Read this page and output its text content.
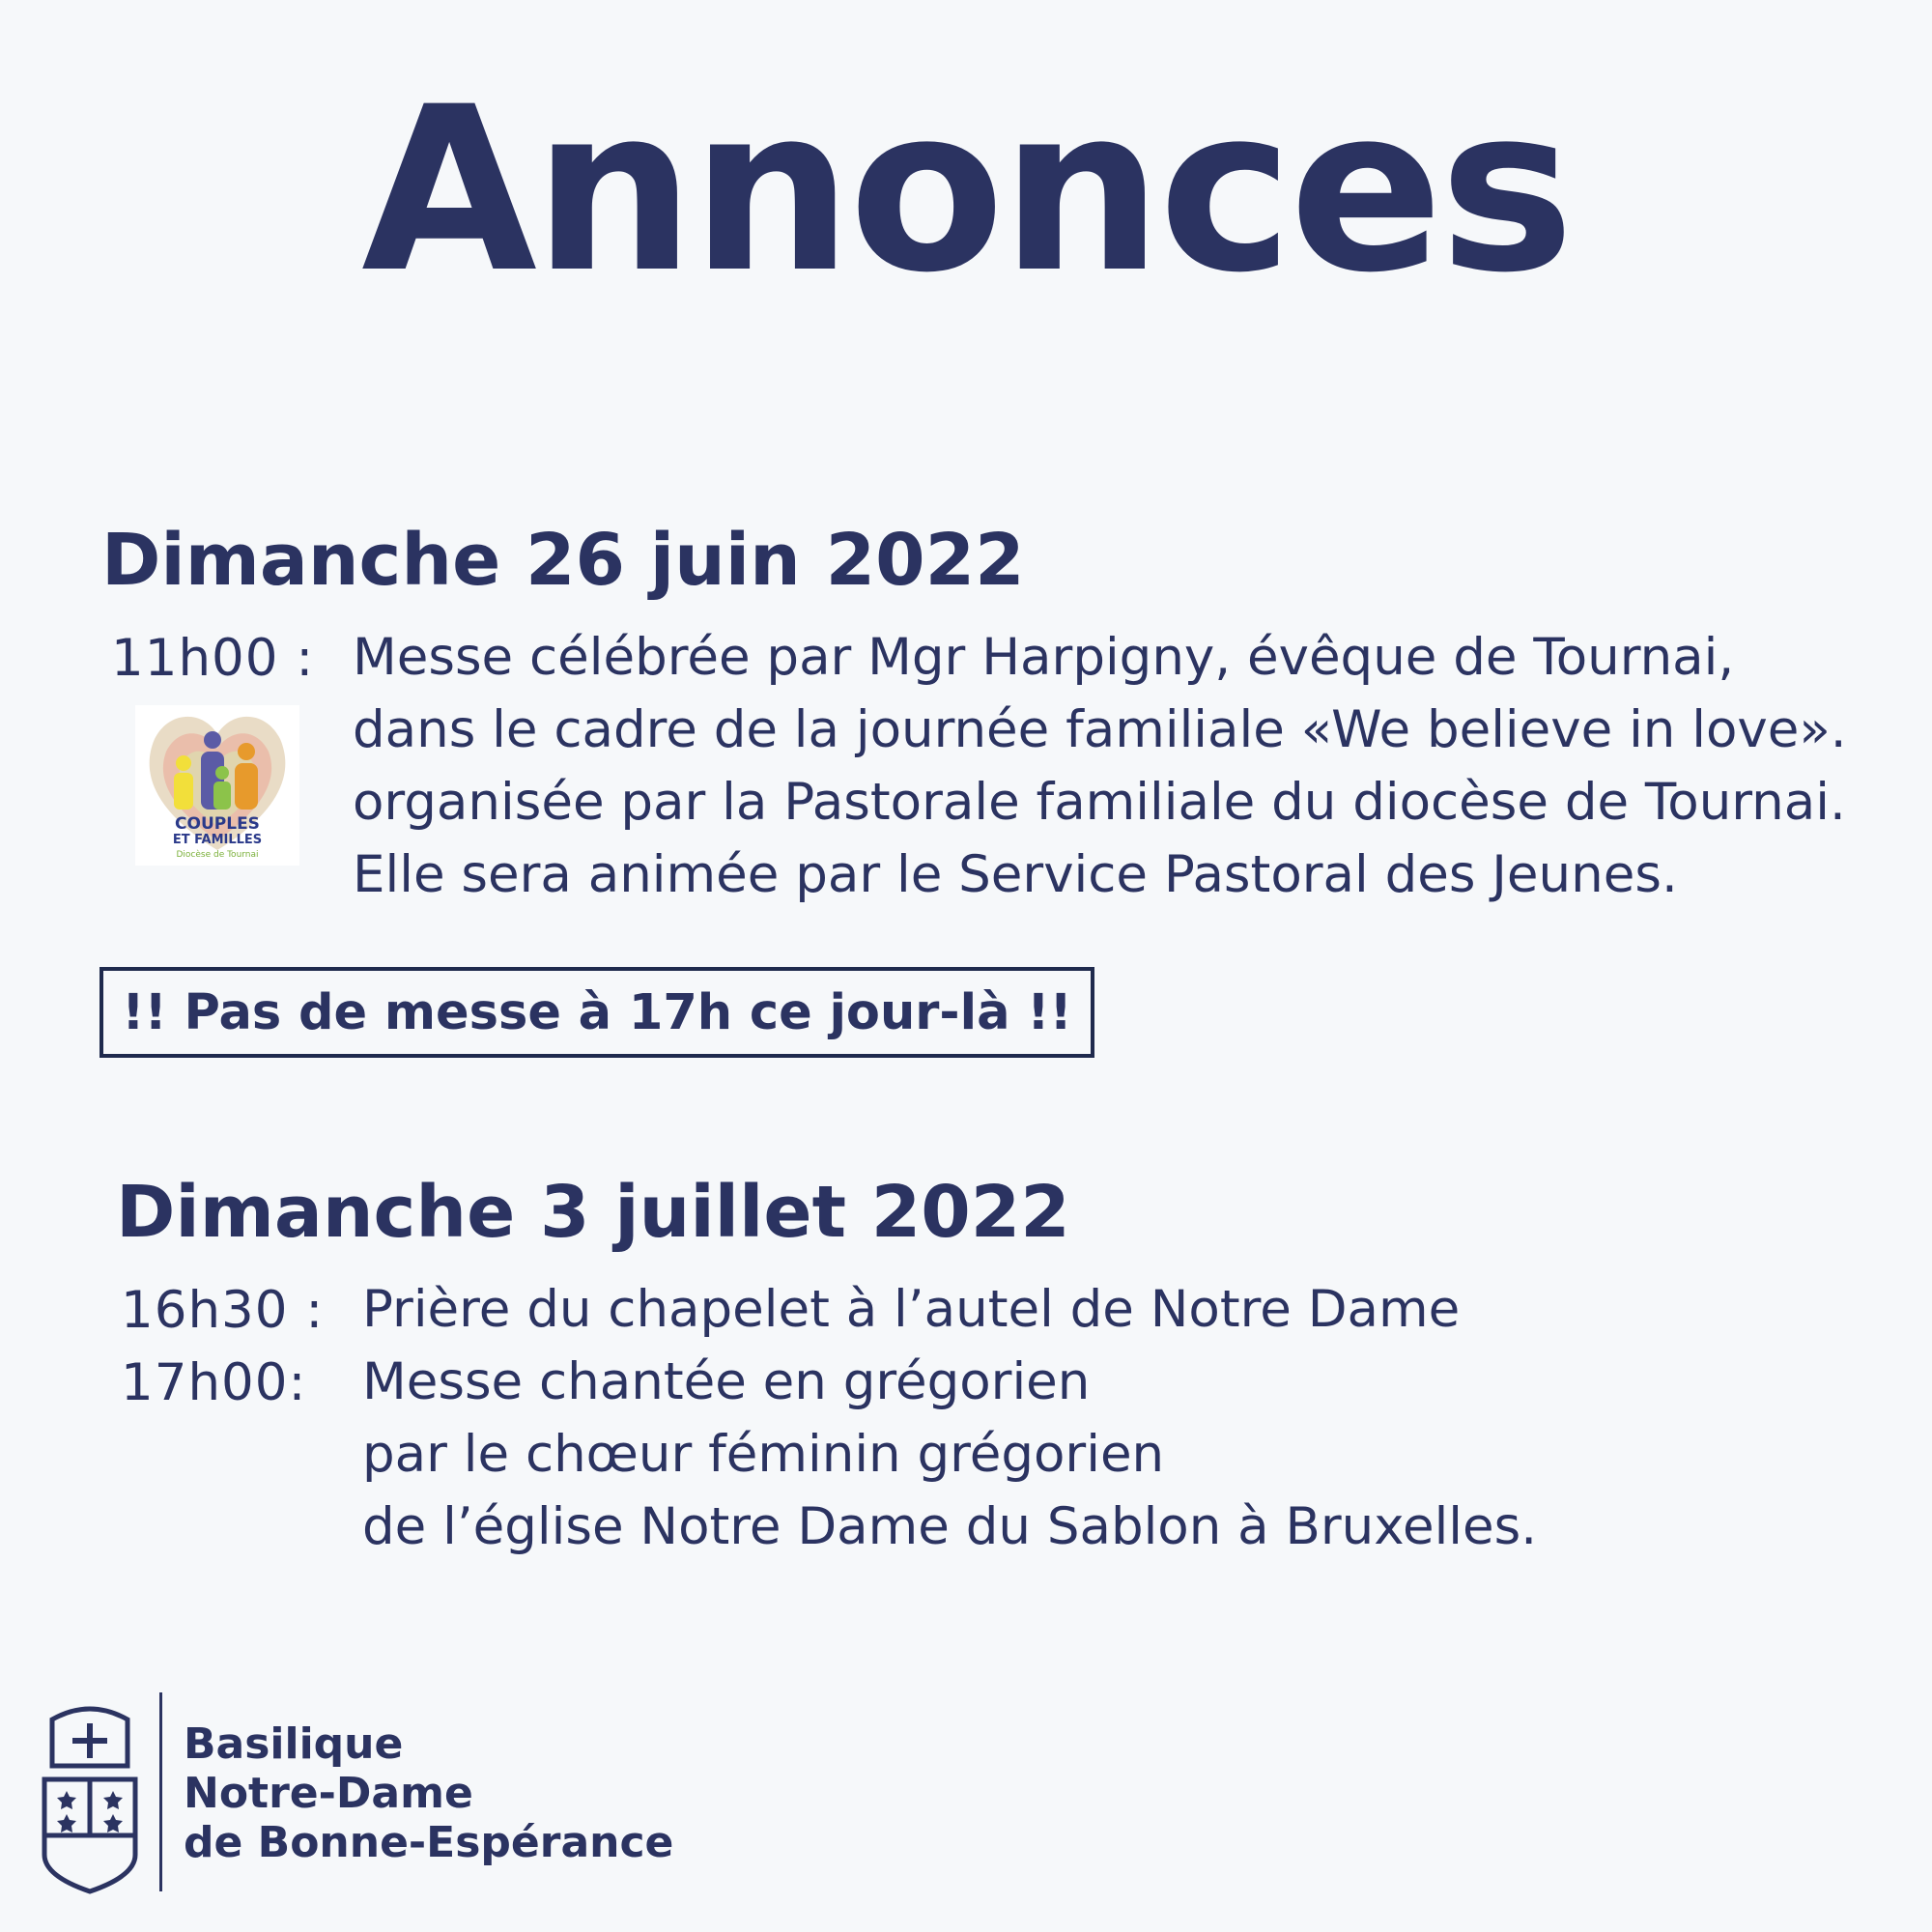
Annonces
Dimanche 26 juin 2022
11h00 : Messe célébrée par Mgr Harpigny, évêque de Tournai,
dans le cadre de la journée familiale «We believe in love».
organisée par la Pastorale familiale du diocèse de Tournai.
Elle sera animée par le Service Pastoral des Jeunes.
COUPLES
ET FAMILLES
Diocèse de Tournai
!! Pas de messe à 17h ce jour-là !!
Dimanche 3 juillet 2022
16h30 : Prière du chapelet à l’autel de Notre Dame
17h00: Messe chantée en grégorien
par le chœur féminin grégorien
de l’église Notre Dame du Sablon à Bruxelles.
Basilique
Notre-Dame
de Bonne-Espérance
